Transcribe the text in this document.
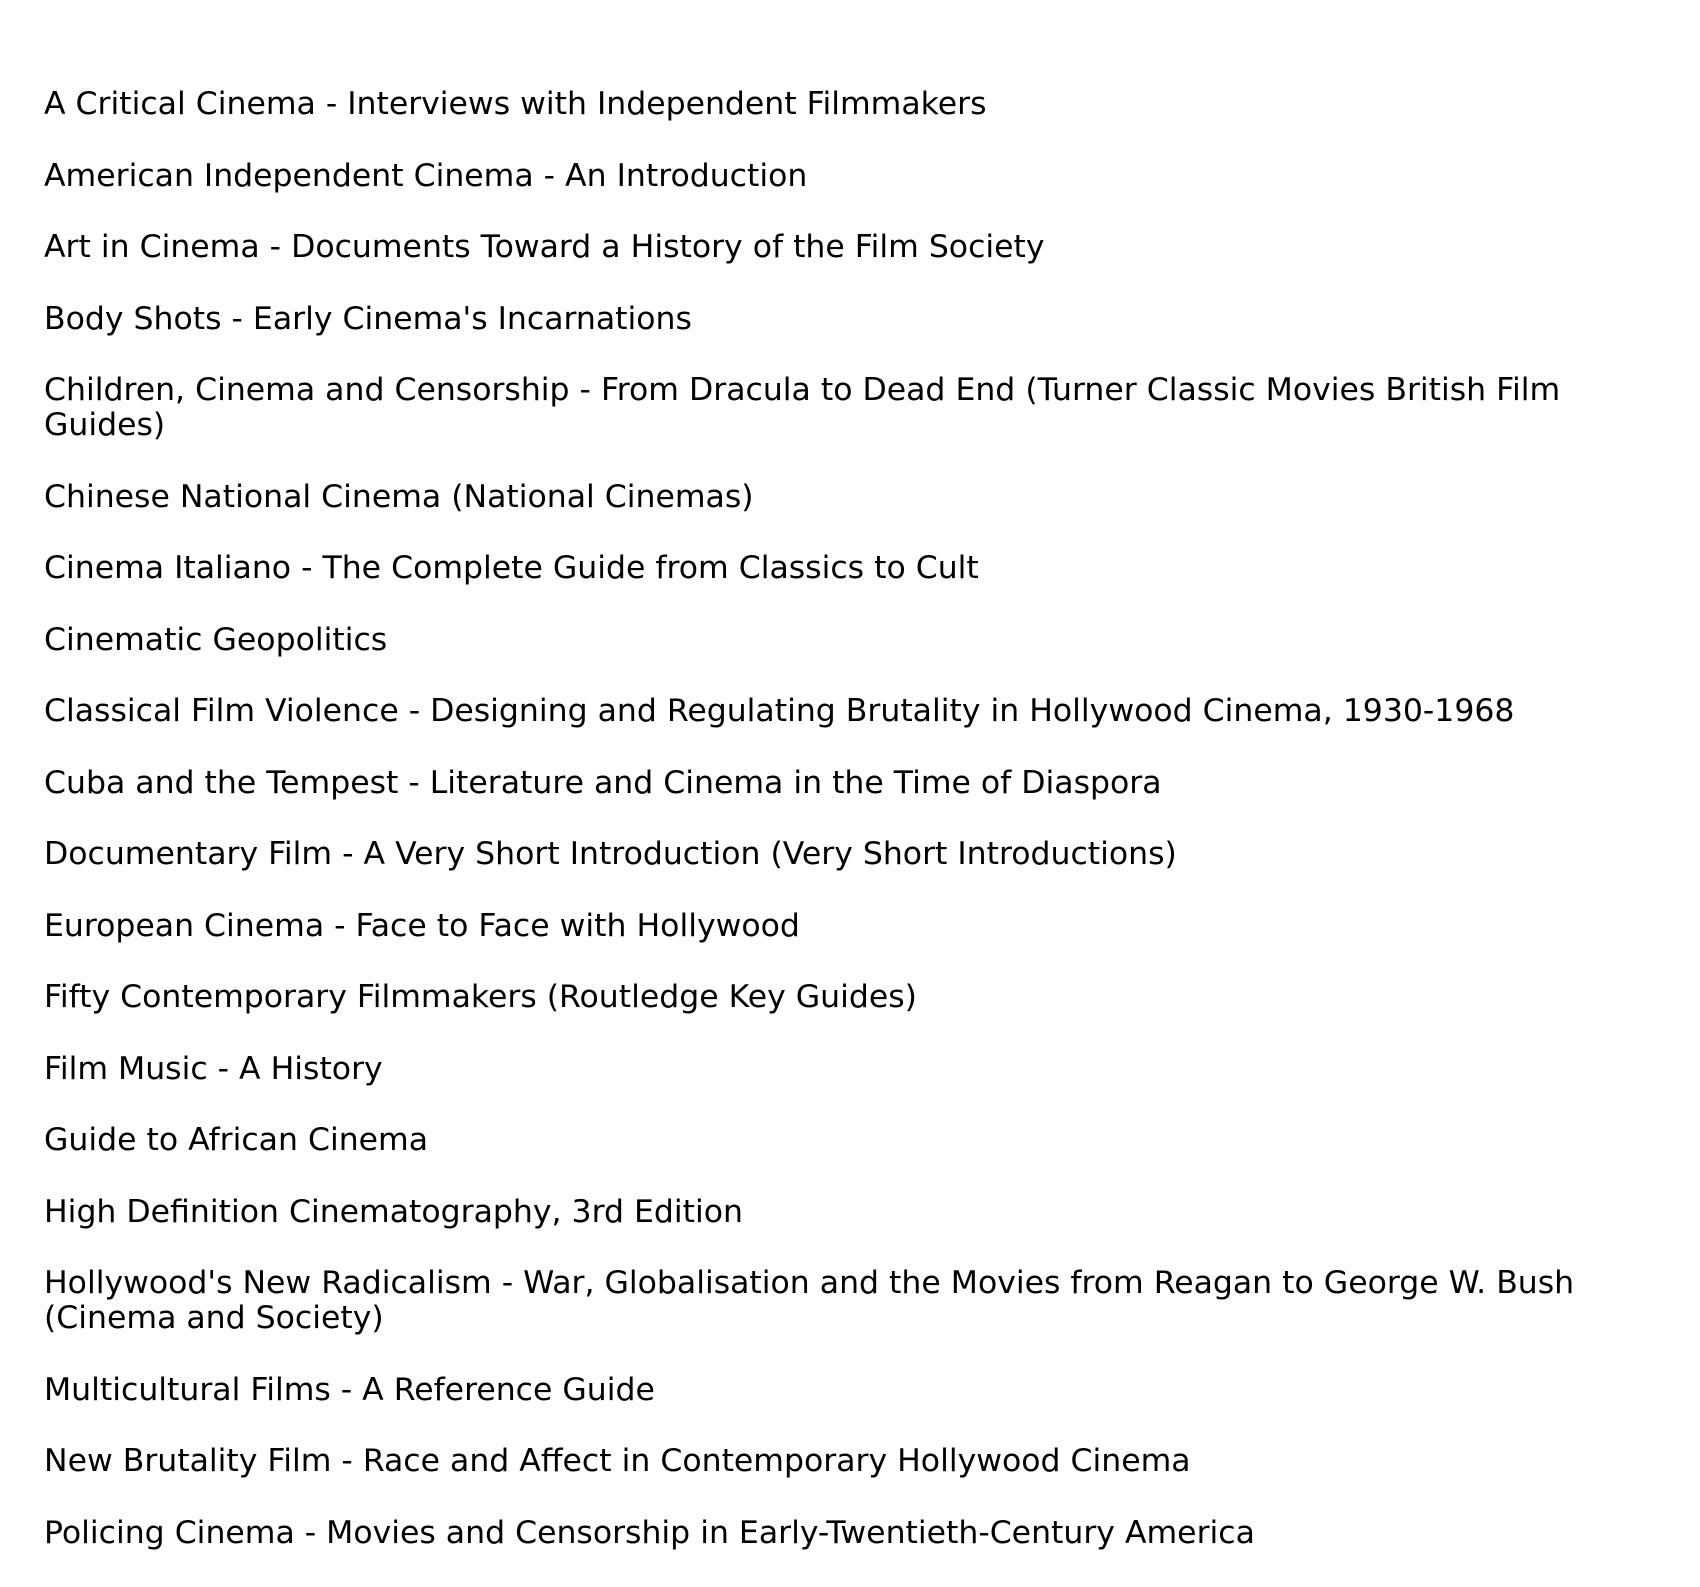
A Critical Cinema - Interviews with Independent Filmmakers
American Independent Cinema - An Introduction
Art in Cinema - Documents Toward a History of the Film Society
Body Shots - Early Cinema's Incarnations
Children, Cinema and Censorship - From Dracula to Dead End (Turner Classic Movies British Film Guides)
Chinese National Cinema (National Cinemas)
Cinema Italiano - The Complete Guide from Classics to Cult
Cinematic Geopolitics
Classical Film Violence - Designing and Regulating Brutality in Hollywood Cinema, 1930-1968
Cuba and the Tempest - Literature and Cinema in the Time of Diaspora
Documentary Film - A Very Short Introduction (Very Short Introductions)
European Cinema - Face to Face with Hollywood
Fifty Contemporary Filmmakers (Routledge Key Guides)
Film Music - A History
Guide to African Cinema
High Definition Cinematography, 3rd Edition
Hollywood's New Radicalism - War, Globalisation and the Movies from Reagan to George W. Bush (Cinema and Society)
Multicultural Films - A Reference Guide
New Brutality Film - Race and Affect in Contemporary Hollywood Cinema
Policing Cinema - Movies and Censorship in Early-Twentieth-Century America
